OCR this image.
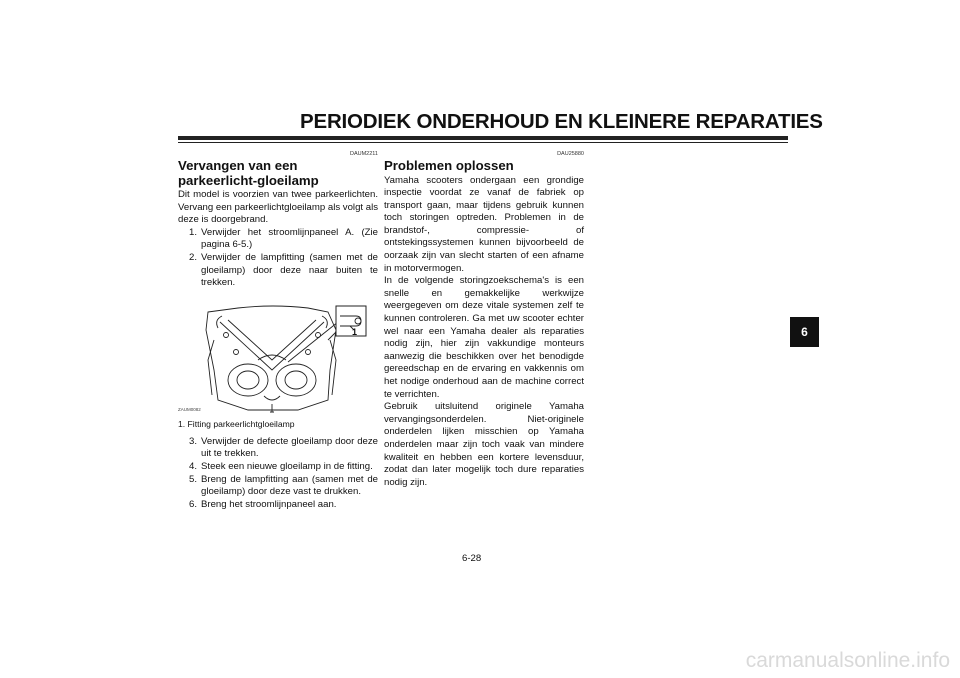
PERIODIEK ONDERHOUD EN KLEINERE REPARATIES
DAUM2211
Vervangen van een parkeerlicht-gloeilamp

Dit model is voorzien van twee parkeerlichten. Vervang een parkeerlichtgloeilamp als volgt als deze is doorgebrand.

1. Verwijder het stroomlijnpaneel A. (Zie pagina 6-5.)
2. Verwijder de lampfitting (samen met de gloeilamp) door deze naar buiten te trekken.
1
ZAUM0082
1. Fitting parkeerlichtgloeilamp
3. Verwijder de defecte gloeilamp door deze uit te trekken.
4. Steek een nieuwe gloeilamp in de fitting.
5. Breng de lampfitting aan (samen met de gloeilamp) door deze vast te drukken.
6. Breng het stroomlijnpaneel aan.
DAU25880
Problemen oplossen

Yamaha scooters ondergaan een grondige inspectie voordat ze vanaf de fabriek op transport gaan, maar tijdens gebruik kunnen toch storingen optreden. Problemen in de brandstof-, compressie- of ontstekingssystemen kunnen bijvoorbeeld de oorzaak zijn van slecht starten of een afname in motorvermogen.

In de volgende storingzoekschema's is een snelle en gemakkelijke werkwijze weergegeven om deze vitale systemen zelf te kunnen controleren. Ga met uw scooter echter wel naar een Yamaha dealer als reparaties nodig zijn, hier zijn vakkundige monteurs aanwezig die beschikken over het benodigde gereedschap en de ervaring en vakkennis om het nodige onderhoud aan de machine correct te verrichten.

Gebruik uitsluitend originele Yamaha vervangingsonderdelen. Niet-originele onderdelen lijken misschien op Yamaha onderdelen maar zijn toch vaak van mindere kwaliteit en hebben een kortere levensduur, zodat dan later mogelijk toch dure reparaties nodig zijn.

6-28
6
carmanualsonline.info
